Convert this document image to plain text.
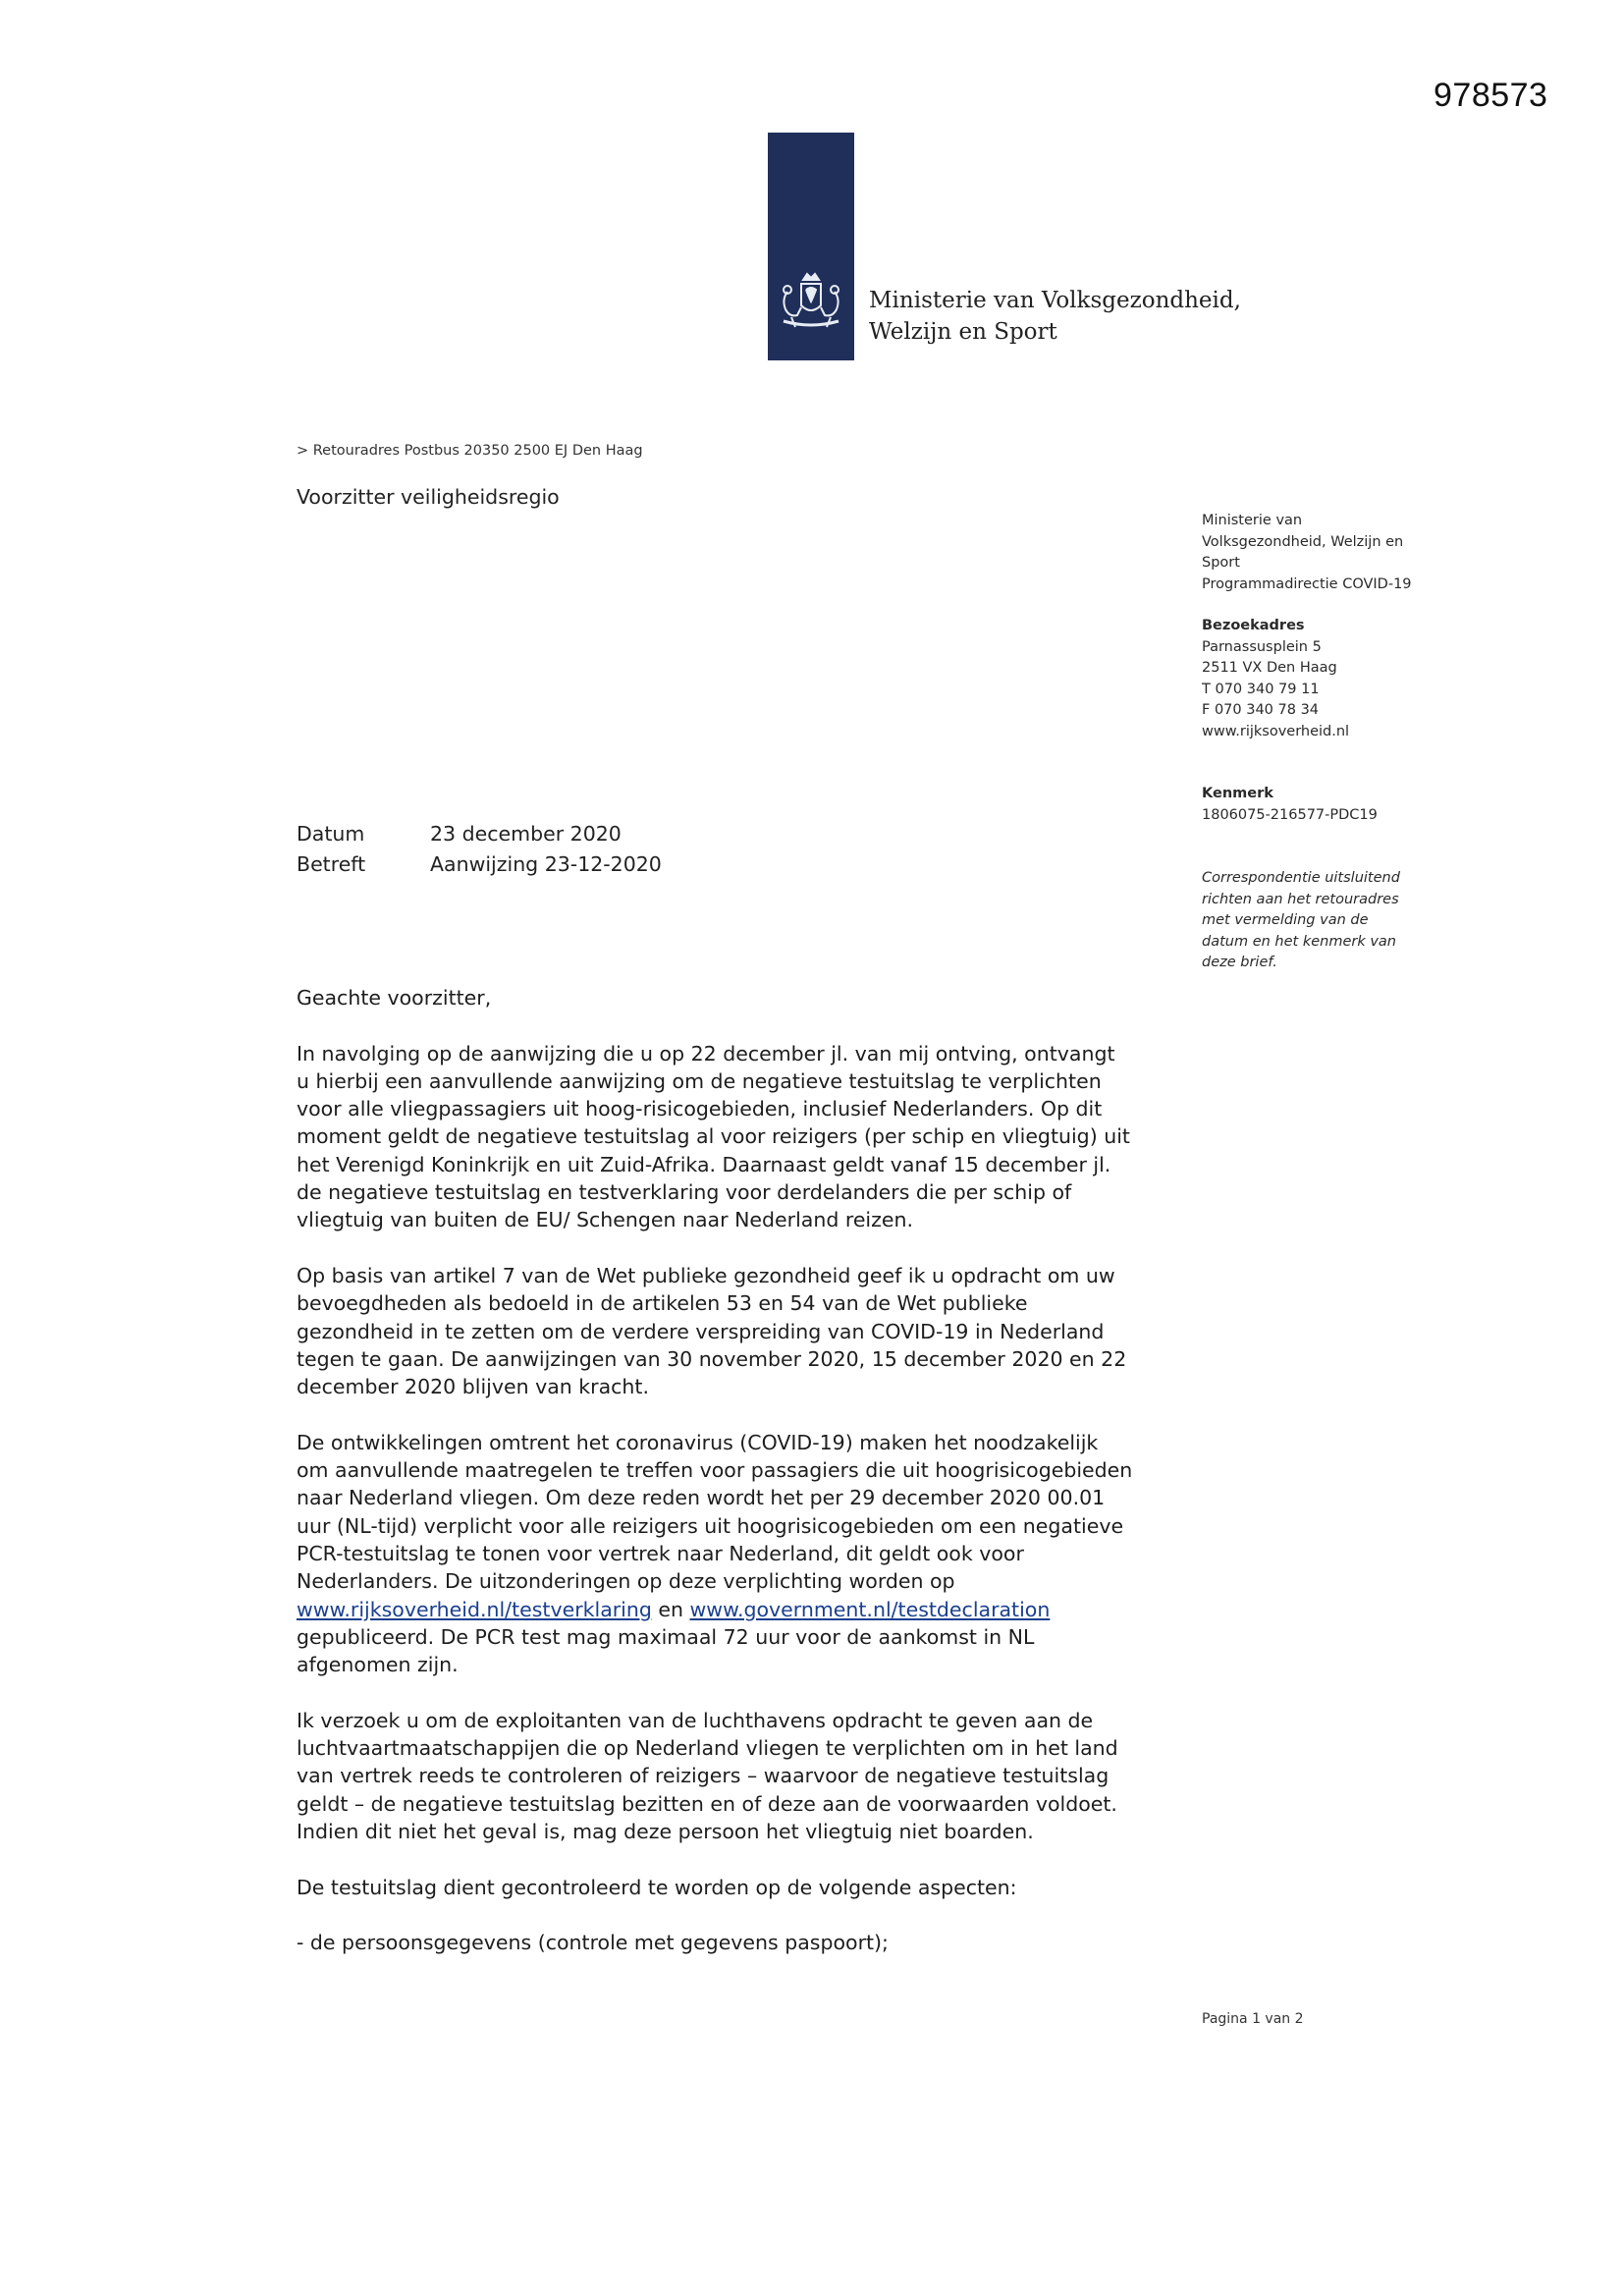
978573
Ministerie van Volksgezondheid,
Welzijn en Sport
> Retouradres Postbus 20350 2500 EJ Den Haag
Voorzitter veiligheidsregio
Ministerie van
Volksgezondheid, Welzijn en
Sport
Programmadirectie COVID-19
Bezoekadres
Parnassusplein 5
2511 VX Den Haag
T 070 340 79 11
F 070 340 78 34
www.rijksoverheid.nl
Kenmerk
1806075-216577-PDC19
Correspondentie uitsluitend
richten aan het retouradres
met vermelding van de
datum en het kenmerk van
deze brief.
Datum	23 december 2020
Betreft	Aanwijzing 23-12-2020

Geachte voorzitter,

In navolging op de aanwijzing die u op 22 december jl. van mij ontving, ontvangt

u hierbij een aanvullende aanwijzing om de negatieve testuitslag te verplichten

voor alle vliegpassagiers uit hoog-risicogebieden, inclusief Nederlanders. Op dit

moment geldt de negatieve testuitslag al voor reizigers (per schip en vliegtuig) uit

het Verenigd Koninkrijk en uit Zuid-Afrika. Daarnaast geldt vanaf 15 december jl.

de negatieve testuitslag en testverklaring voor derdelanders die per schip of

vliegtuig van buiten de EU/ Schengen naar Nederland reizen.

Op basis van artikel 7 van de Wet publieke gezondheid geef ik u opdracht om uw

bevoegdheden als bedoeld in de artikelen 53 en 54 van de Wet publieke

gezondheid in te zetten om de verdere verspreiding van COVID-19 in Nederland

tegen te gaan. De aanwijzingen van 30 november 2020, 15 december 2020 en 22

december 2020 blijven van kracht.

De ontwikkelingen omtrent het coronavirus (COVID-19) maken het noodzakelijk

om aanvullende maatregelen te treffen voor passagiers die uit hoogrisicogebieden

naar Nederland vliegen. Om deze reden wordt het per 29 december 2020 00.01

uur (NL-tijd) verplicht voor alle reizigers uit hoogrisicogebieden om een negatieve

PCR-testuitslag te tonen voor vertrek naar Nederland, dit geldt ook voor

Nederlanders. De uitzonderingen op deze verplichting worden op

www.rijksoverheid.nl/testverklaring en www.government.nl/testdeclaration

gepubliceerd. De PCR test mag maximaal 72 uur voor de aankomst in NL

afgenomen zijn.

Ik verzoek u om de exploitanten van de luchthavens opdracht te geven aan de

luchtvaartmaatschappijen die op Nederland vliegen te verplichten om in het land

van vertrek reeds te controleren of reizigers – waarvoor de negatieve testuitslag

geldt – de negatieve testuitslag bezitten en of deze aan de voorwaarden voldoet.

Indien dit niet het geval is, mag deze persoon het vliegtuig niet boarden.

De testuitslag dient gecontroleerd te worden op de volgende aspecten:

- de persoonsgegevens (controle met gegevens paspoort);

Pagina 1 van 2
